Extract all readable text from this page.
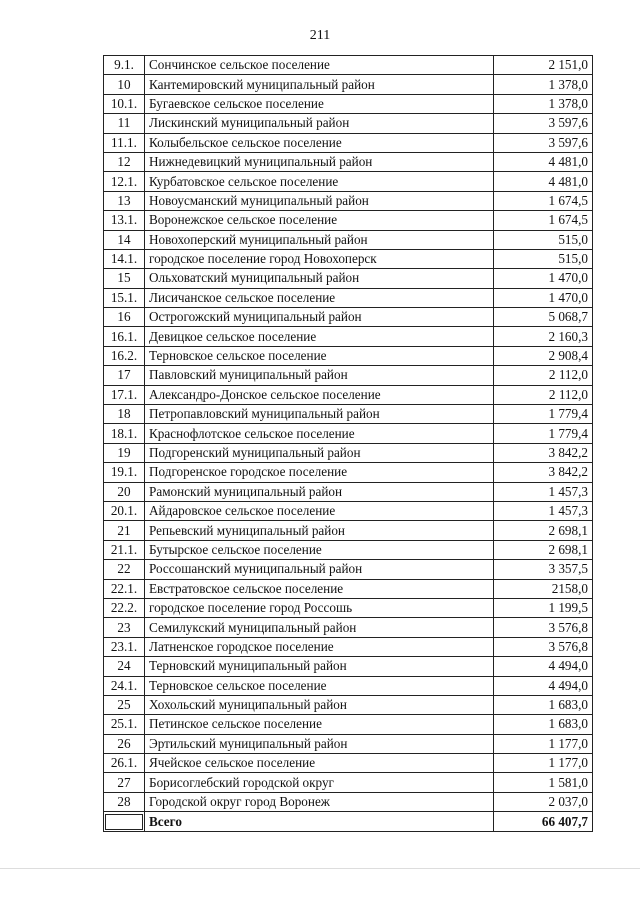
211
9.1.	Сончинское сельское поселение	2 151,0
10	Кантемировский муниципальный район	1 378,0
10.1.	Бугаевское сельское поселение	1 378,0
11	Лискинский муниципальный район	3 597,6
11.1.	Колыбельское сельское поселение	3 597,6
12	Нижнедевицкий муниципальный район	4 481,0
12.1.	Курбатовское сельское поселение	4 481,0
13	Новоусманский муниципальный район	1 674,5
13.1.	Воронежское сельское поселение	1 674,5
14	Новохоперский муниципальный район	515,0
14.1.	городское поселение город Новохоперск	515,0
15	Ольховатский муниципальный район	1 470,0
15.1.	Лисичанское сельское поселение	1 470,0
16	Острогожский муниципальный район	5 068,7
16.1.	Девицкое сельское поселение	2 160,3
16.2.	Терновское сельское поселение	2 908,4
17	Павловский муниципальный район	2 112,0
17.1.	Александро-Донское сельское поселение	2 112,0
18	Петропавловский муниципальный район	1 779,4
18.1.	Краснофлотское сельское поселение	1 779,4
19	Подгоренский муниципальный район	3 842,2
19.1.	Подгоренское городское поселение	3 842,2
20	Рамонский муниципальный район	1 457,3
20.1.	Айдаровское сельское поселение	1 457,3
21	Репьевский муниципальный район	2 698,1
21.1.	Бутырское сельское поселение	2 698,1
22	Россошанский муниципальный район	3 357,5
22.1.	Евстратовское сельское поселение	2158,0
22.2.	городское поселение город Россошь	1 199,5
23	Семилукский муниципальный район	3 576,8
23.1.	Латненское городское поселение	3 576,8
24	Терновский муниципальный район	4 494,0
24.1.	Терновское сельское поселение	4 494,0
25	Хохольский муниципальный район	1 683,0
25.1.	Петинское сельское поселение	1 683,0
26	Эртильский муниципальный район	1 177,0
26.1.	Ячейское сельское поселение	1 177,0
27	Борисоглебский городской округ	1 581,0
28	Городской округ город Воронеж	2 037,0

	Всего	66 407,7
